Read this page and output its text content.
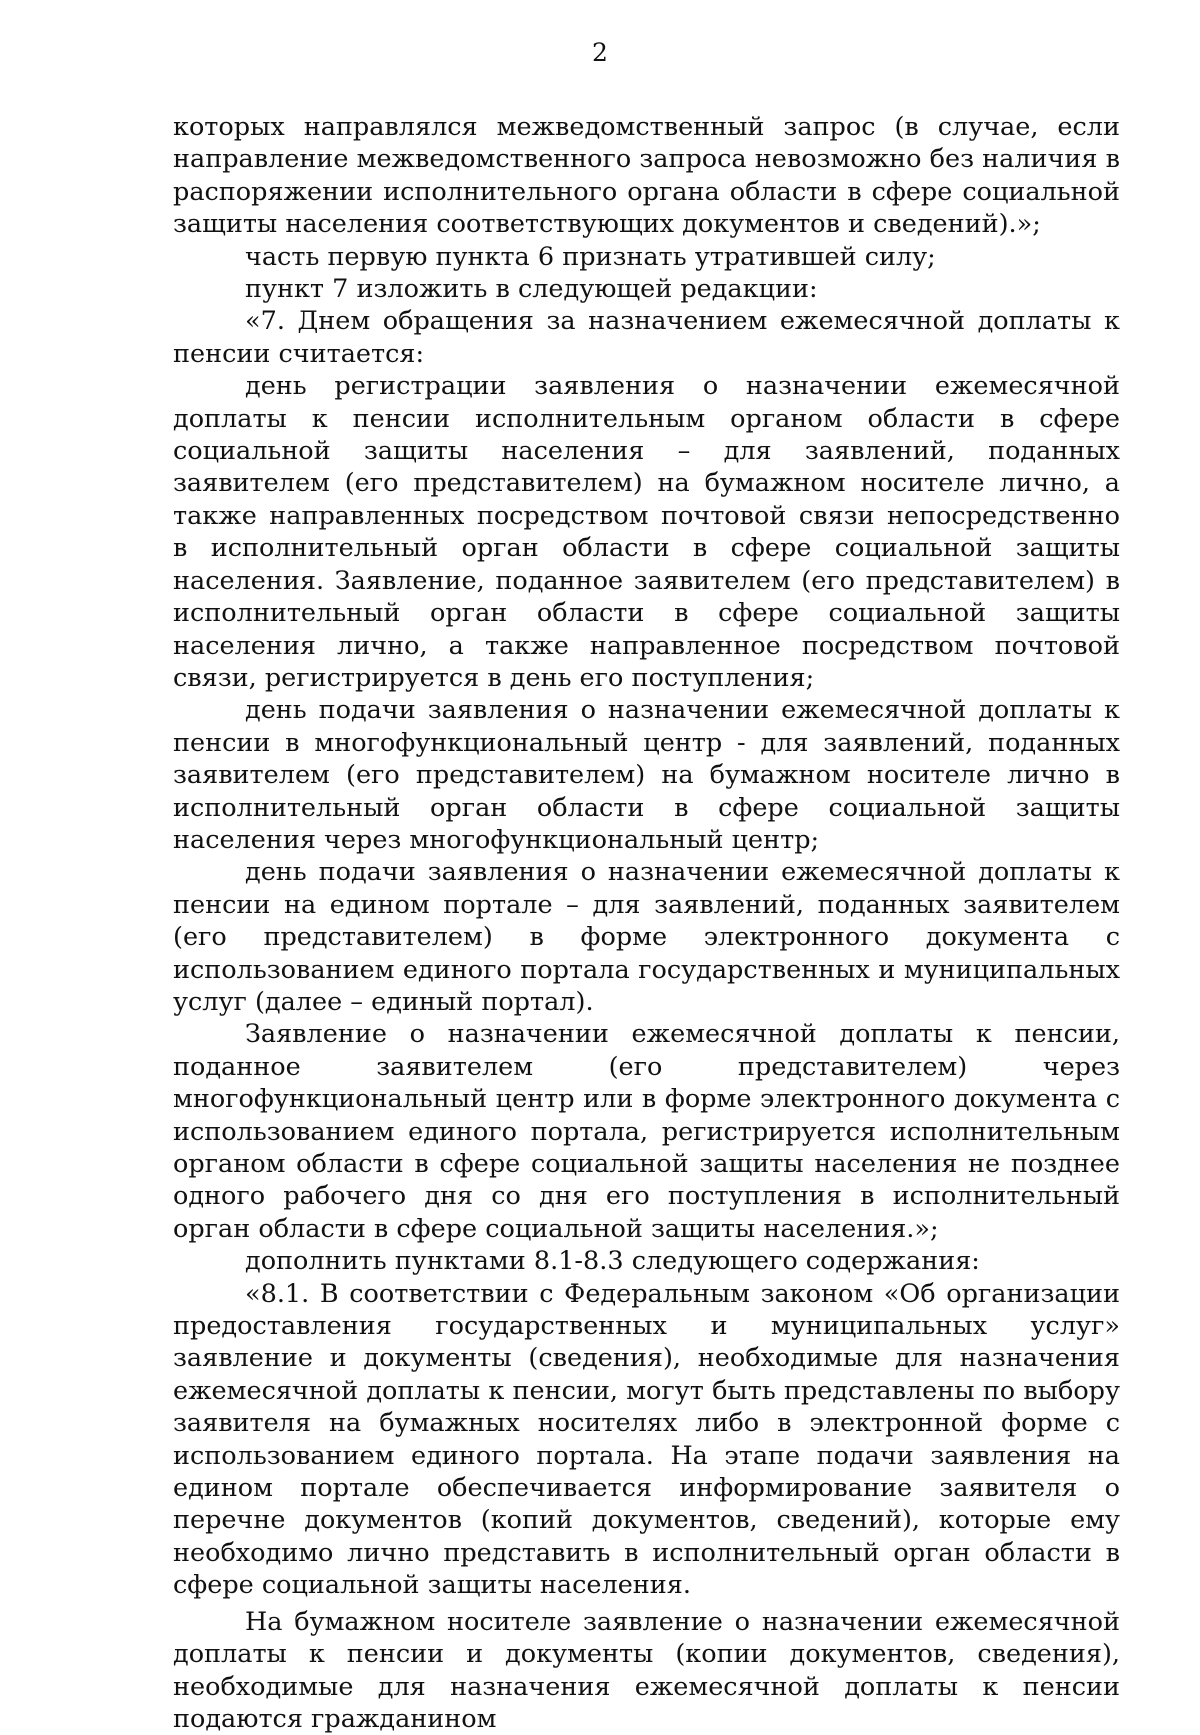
2

которых направлялся межведомственный запрос (в случае, если направление межведомственного запроса невозможно без наличия в распоряжении исполнительного органа области в сфере социальной защиты населения соответствующих документов и сведений).»;

часть первую пункта 6 признать утратившей силу;

пункт 7 изложить в следующей редакции:

«7. Днем обращения за назначением ежемесячной доплаты к пенсии считается:

день регистрации заявления о назначении ежемесячной доплаты к пенсии исполнительным органом области в сфере социальной защиты населения – для заявлений, поданных заявителем (его представителем) на бумажном носителе лично, а также направленных посредством почтовой связи непосредственно в исполнительный орган области в сфере социальной защиты населения. Заявление, поданное заявителем (его представителем) в исполнительный орган области в сфере социальной защиты населения лично, а также направленное посредством почтовой связи, регистрируется в день его поступления;

день подачи заявления о назначении ежемесячной доплаты к пенсии в многофункциональный центр - для заявлений, поданных заявителем (его представителем) на бумажном носителе лично в исполнительный орган области в сфере социальной защиты населения через многофункциональный центр;

день подачи заявления о назначении ежемесячной доплаты к пенсии на едином портале – для заявлений, поданных заявителем (его представителем) в форме электронного документа с использованием единого портала государственных и муниципальных услуг (далее – единый портал).

Заявление о назначении ежемесячной доплаты к пенсии, поданное заявителем (его представителем) через многофункциональный центр или в форме электронного документа с использованием единого портала, регистрируется исполнительным органом области в сфере социальной защиты населения не позднее одного рабочего дня со дня его поступления в исполнительный орган области в сфере социальной защиты населения.»;

дополнить пунктами 8.1-8.3 следующего содержания:

«8.1. В соответствии с Федеральным законом «Об организации предоставления государственных и муниципальных услуг» заявление и документы (сведения), необходимые для назначения ежемесячной доплаты к пенсии, могут быть представлены по выбору заявителя на бумажных носителях либо в электронной форме с использованием единого портала. На этапе подачи заявления на едином портале обеспечивается информирование заявителя о перечне документов (копий документов, сведений), которые ему необходимо лично представить в исполнительный орган области в сфере социальной защиты населения.

На бумажном носителе заявление о назначении ежемесячной доплаты к пенсии и документы (копии документов, сведения), необходимые для назначения ежемесячной доплаты к пенсии подаются гражданином
